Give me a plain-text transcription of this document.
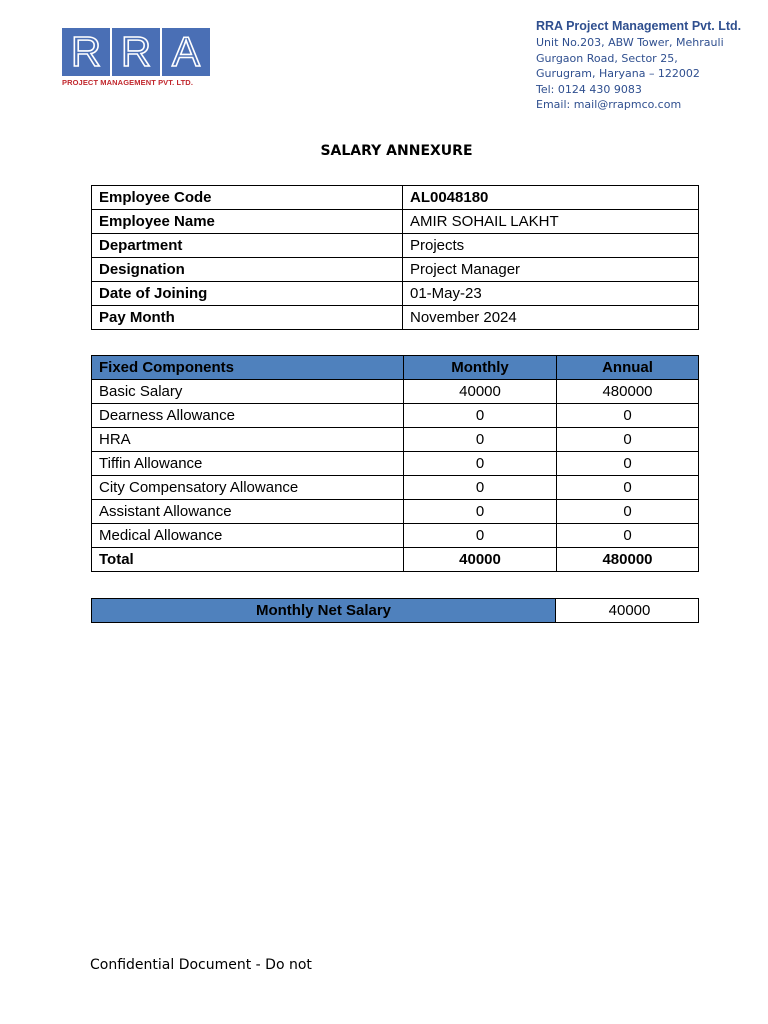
R R A
PROJECT MANAGEMENT PVT. LTD.
RRA Project Management Pvt. Ltd.
Unit No.203, ABW Tower, Mehrauli
Gurgaon Road, Sector 25,
Gurugram, Haryana – 122002
Tel: 0124 430 9083
Email: mail@rrapmco.com
SALARY ANNEXURE
Employee Code	AL0048180
Employee Name	AMIR SOHAIL LAKHT
Department	Projects
Designation	Project Manager
Date of Joining	01-May-23
Pay Month	November 2024
Fixed Components	Monthly	Annual
Basic Salary	40000	480000
Dearness Allowance	0	0
HRA	0	0
Tiffin Allowance	0	0
City Compensatory Allowance	0	0
Assistant Allowance	0	0
Medical Allowance	0	0
Total	40000	480000
Monthly Net Salary	40000
Confidential Document - Do not
